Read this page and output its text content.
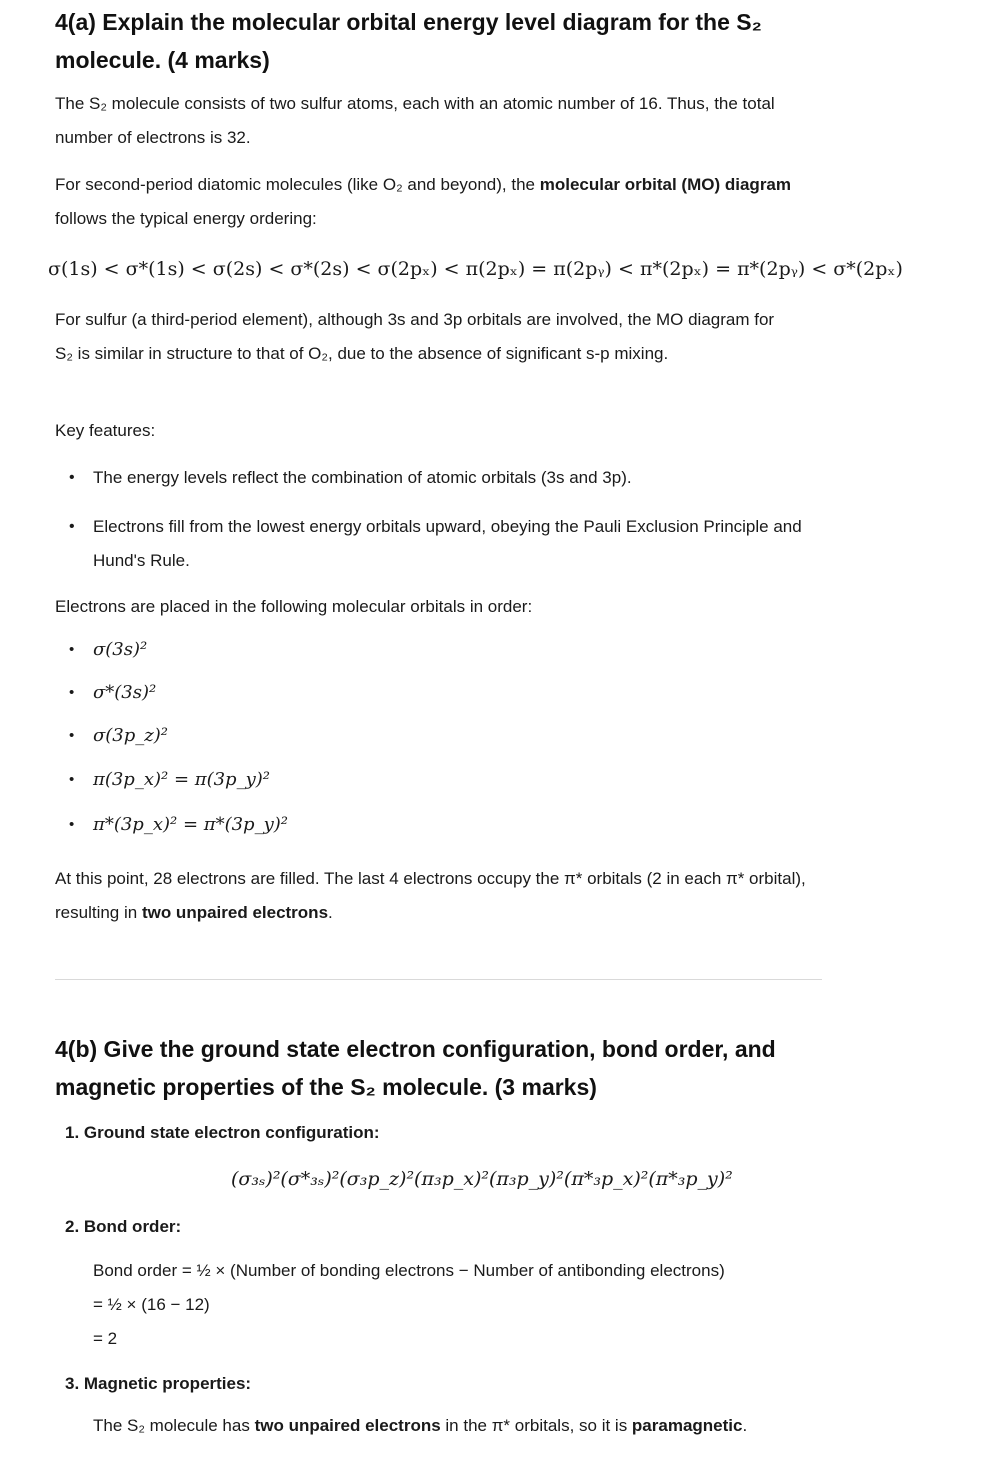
4(a) Explain the molecular orbital energy level diagram for the S₂ molecule. (4 marks)

The S₂ molecule consists of two sulfur atoms, each with an atomic number of 16. Thus, the total number of electrons is 32.

For second-period diatomic molecules (like O₂ and beyond), the molecular orbital (MO) diagram follows the typical energy ordering:

σ(1s) < σ*(1s) < σ(2s) < σ*(2s) < σ(2pₓ) < π(2pₓ) = π(2pᵧ) < π*(2pₓ) = π*(2pᵧ) < σ*(2pₓ)

For sulfur (a third-period element), although 3s and 3p orbitals are involved, the MO diagram for S₂ is similar in structure to that of O₂, due to the absence of significant s-p mixing.

Key features:

• The energy levels reflect the combination of atomic orbitals (3s and 3p).
• Electrons fill from the lowest energy orbitals upward, obeying the Pauli Exclusion Principle and Hund's Rule.

Electrons are placed in the following molecular orbitals in order:

• σ(3s)²
• σ*(3s)²
• σ(3p_z)²
• π(3p_x)² = π(3p_y)²
• π*(3p_x)² = π*(3p_y)²

At this point, 28 electrons are filled. The last 4 electrons occupy the π* orbitals (2 in each π* orbital), resulting in two unpaired electrons.

4(b) Give the ground state electron configuration, bond order, and magnetic properties of the S₂ molecule. (3 marks)
1. Ground state electron configuration:
(σ₃ₛ)²(σ*₃ₛ)²(σ₃p_z)²(π₃p_x)²(π₃p_y)²(π*₃p_x)²(π*₃p_y)²
2. Bond order:

Bond order = ½ × (Number of bonding electrons − Number of antibonding electrons)

= ½ × (16 − 12)

= 2

3. Magnetic properties:

The S₂ molecule has two unpaired electrons in the π* orbitals, so it is paramagnetic.
